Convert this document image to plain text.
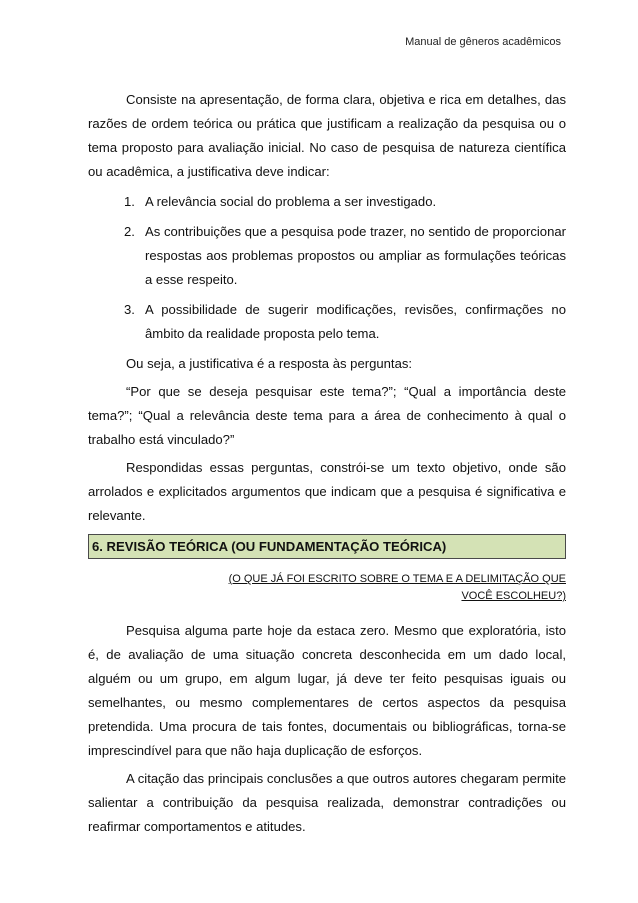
Manual de gêneros acadêmicos

Consiste na apresentação, de forma clara, objetiva e rica em detalhes, das razões de ordem teórica ou prática que justificam a realização da pesquisa ou o tema proposto para avaliação inicial. No caso de pesquisa de natureza científica ou acadêmica, a justificativa deve indicar:

1. A relevância social do problema a ser investigado.
2. As contribuições que a pesquisa pode trazer, no sentido de proporcionar respostas aos problemas propostos ou ampliar as formulações teóricas a esse respeito.
3. A possibilidade de sugerir modificações, revisões, confirmações no âmbito da realidade proposta pelo tema.

Ou seja, a justificativa é a resposta às perguntas:

“Por que se deseja pesquisar este tema?”; “Qual a importância deste tema?”; “Qual a relevância deste tema para a área de conhecimento à qual o trabalho está vinculado?”

Respondidas essas perguntas, constrói-se um texto objetivo, onde são arrolados e explicitados argumentos que indicam que a pesquisa é significativa e relevante.

6. REVISÃO TEÓRICA (OU FUNDAMENTAÇÃO TEÓRICA)
(O QUE JÁ FOI ESCRITO SOBRE O TEMA E A DELIMITAÇÃO QUE
VOCÊ ESCOLHEU?)

Pesquisa alguma parte hoje da estaca zero. Mesmo que exploratória, isto é, de avaliação de uma situação concreta desconhecida em um dado local, alguém ou um grupo, em algum lugar, já deve ter feito pesquisas iguais ou semelhantes, ou mesmo complementares de certos aspectos da pesquisa pretendida. Uma procura de tais fontes, documentais ou bibliográficas, torna-se imprescindível para que não haja duplicação de esforços.

A citação das principais conclusões a que outros autores chegaram permite salientar a contribuição da pesquisa realizada, demonstrar contradições ou reafirmar comportamentos e atitudes.
